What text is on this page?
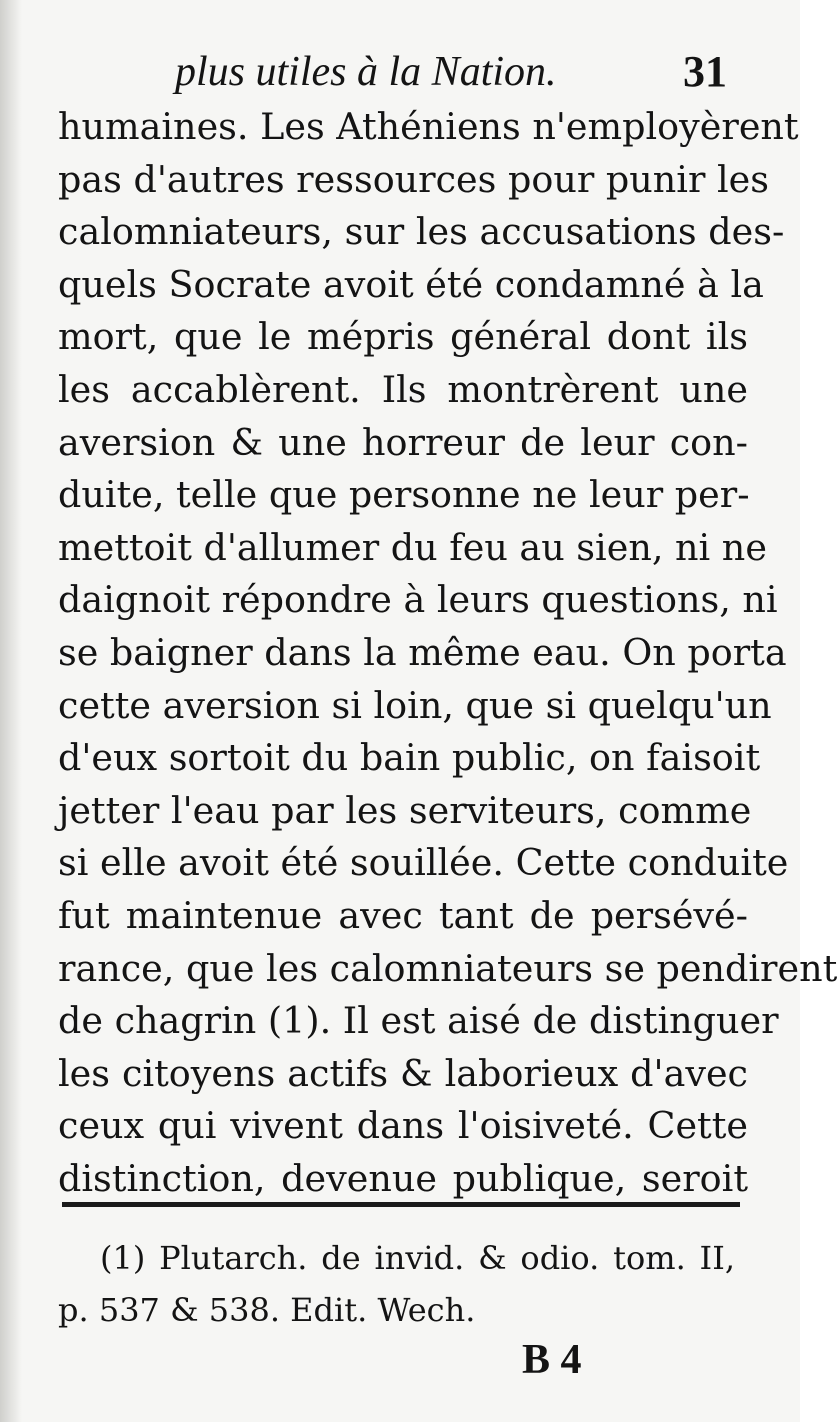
plus utiles à la Nation.	31
humaines. Les Athéniens n'employèrent
pas d'autres ressources pour punir les
calomniateurs, sur les accusations des-
quels Socrate avoit été condamné à la
mort, que le mépris général dont ils
les accablèrent. Ils montrèrent une
aversion & une horreur de leur con-
duite, telle que personne ne leur per-
mettoit d'allumer du feu au sien, ni ne
daignoit répondre à leurs questions, ni
se baigner dans la même eau. On porta
cette aversion si loin, que si quelqu'un
d'eux sortoit du bain public, on faisoit
jetter l'eau par les serviteurs, comme
si elle avoit été souillée. Cette conduite
fut maintenue avec tant de persévé-
rance, que les calomniateurs se pendirent
de chagrin (1). Il est aisé de distinguer
les citoyens actifs & laborieux d'avec
ceux qui vivent dans l'oisiveté. Cette
distinction, devenue publique, seroit
(1) Plutarch. de invid. & odio. tom. II,
p. 537 & 538. Edit. Wech.
B 4
